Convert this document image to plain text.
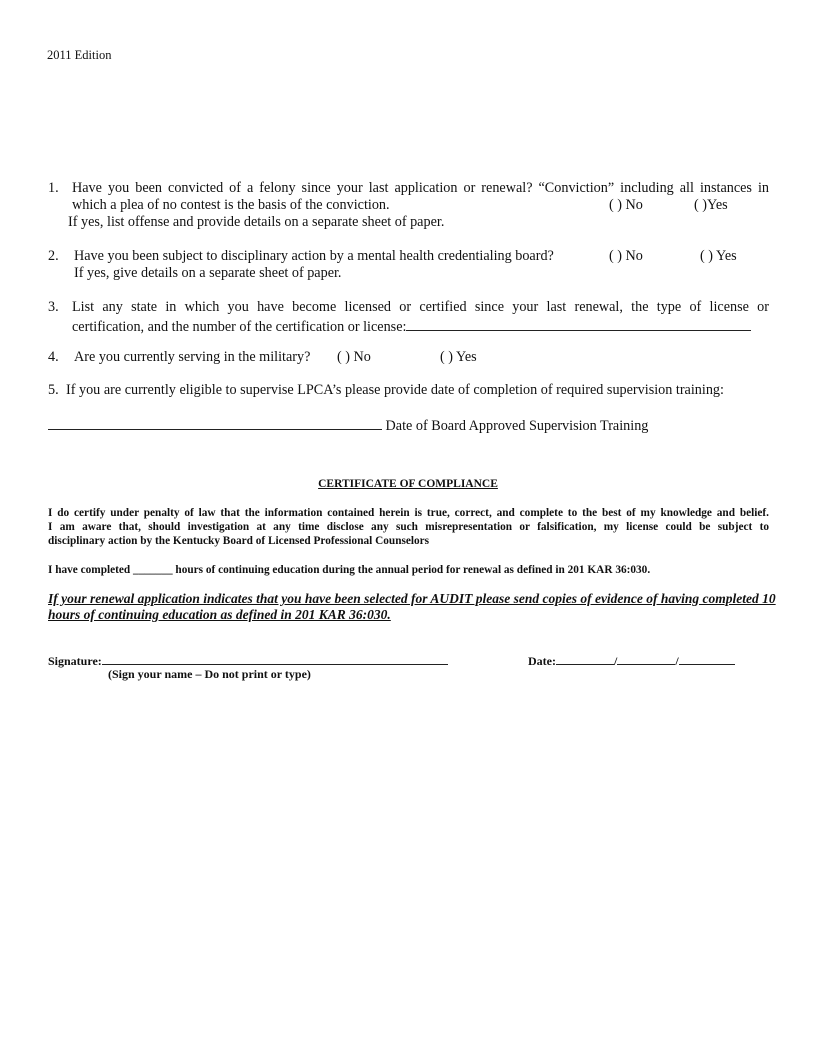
2011 Edition
1. Have you been convicted of a felony since your last application or renewal? “Conviction” including all instances in
which a plea of no contest is the basis of the conviction.	( ) No	( )Yes
If yes, list offense and provide details on a separate sheet of paper.
2. Have you been subject to disciplinary action by a mental health credentialing board?	( ) No	( ) Yes
If yes, give details on a separate sheet of paper.
3. List any state in which you have become licensed or certified since your last renewal, the type of license or
certification, and the number of the certification or license:
4. Are you currently serving in the military? ( ) No	( ) Yes
5. If you are currently eligible to supervise LPCA’s please provide date of completion of required supervision training:
Date of Board Approved Supervision Training
CERTIFICATE OF COMPLIANCE
I do certify under penalty of law that the information contained herein is true, correct, and complete to the best of my knowledge and belief.
I am aware that, should investigation at any time disclose any such misrepresentation or falsification, my license could be subject to
disciplinary action by the Kentucky Board of Licensed Professional Counselors
I have completed _______ hours of continuing education during the annual period for renewal as defined in 201 KAR 36:030.
If your renewal application indicates that you have been selected for AUDIT please send copies of evidence of having completed 10
hours of continuing education as defined in 201 KAR 36:030.
Signature:
(Sign your name – Do not print or type)
Date:	/	/
